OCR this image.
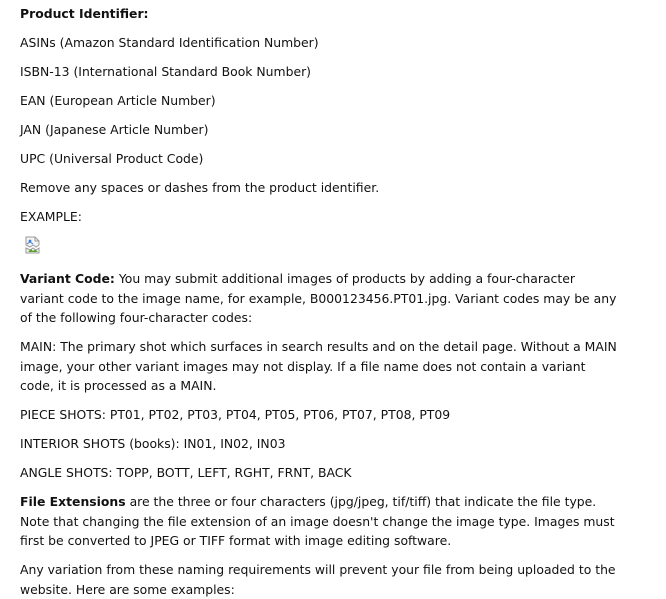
Product Identifier:

ASINs (Amazon Standard Identification Number)

ISBN-13 (International Standard Book Number)

EAN (European Article Number)

JAN (Japanese Article Number)

UPC (Universal Product Code)

Remove any spaces or dashes from the product identifier.

EXAMPLE:

Variant Code: You may submit additional images of products by adding a four-character variant code to the image name, for example, B000123456.PT01.jpg. Variant codes may be any of the following four-character codes:

MAIN: The primary shot which surfaces in search results and on the detail page. Without a MAIN image, your other variant images may not display. If a file name does not contain a variant code, it is processed as a MAIN.

PIECE SHOTS: PT01, PT02, PT03, PT04, PT05, PT06, PT07, PT08, PT09

INTERIOR SHOTS (books): IN01, IN02, IN03

ANGLE SHOTS: TOPP, BOTT, LEFT, RGHT, FRNT, BACK

File Extensions are the three or four characters (jpg/jpeg, tif/tiff) that indicate the file type. Note that changing the file extension of an image doesn't change the image type. Images must first be converted to JPEG or TIFF format with image editing software.

Any variation from these naming requirements will prevent your file from being uploaded to the website. Here are some examples:
